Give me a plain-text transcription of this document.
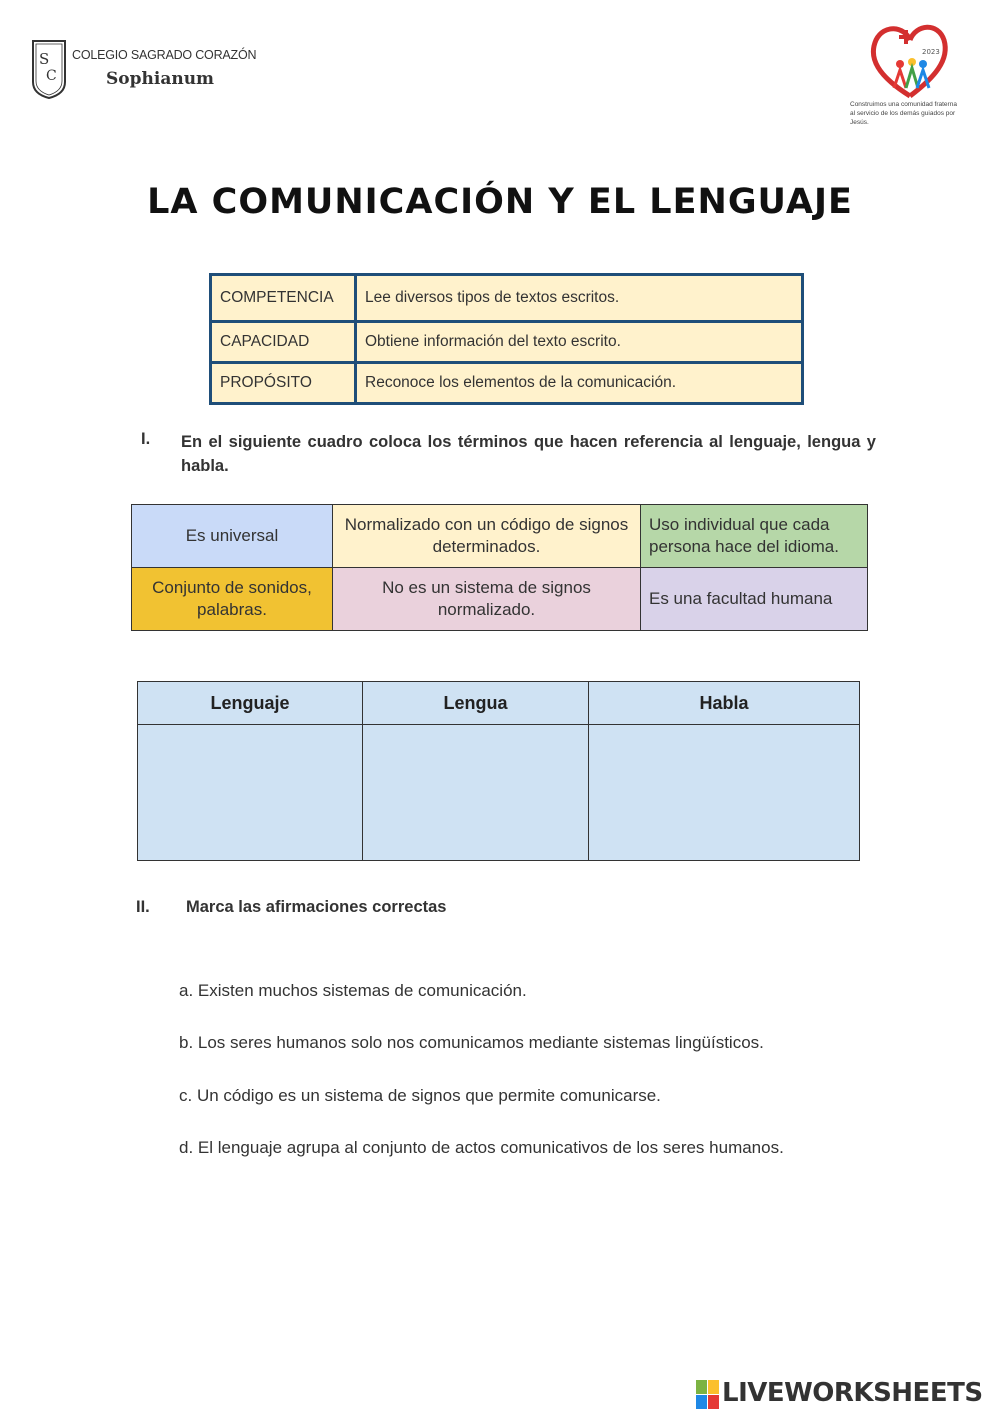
S
C
COLEGIO SAGRADO CORAZÓN
Sophianum
2023
Construimos una comunidad fraterna al servicio de los demás guiados por Jesús.
LA COMUNICACIÓN Y EL LENGUAJE
COMPETENCIA	Lee diversos tipos de textos escritos.
CAPACIDAD	Obtiene información del texto escrito.
PROPÓSITO	Reconoce los elementos de la comunicación.
I. En el siguiente cuadro coloca los términos que hacen referencia al lenguaje, lengua y habla.
Es universal	Normalizado con un código de signos determinados.	Uso individual que cada persona hace del idioma.
Conjunto de sonidos, palabras.	No es un sistema de signos normalizado.	Es una facultad humana
Lenguaje	Lengua	Habla

II. Marca las afirmaciones correctas
a. Existen muchos sistemas de comunicación.
b. Los seres humanos solo nos comunicamos mediante sistemas lingüísticos.
c. Un código es un sistema de signos que permite comunicarse.
d. El lenguaje agrupa al conjunto de actos comunicativos de los seres humanos.
LIVEWORKSHEETS
